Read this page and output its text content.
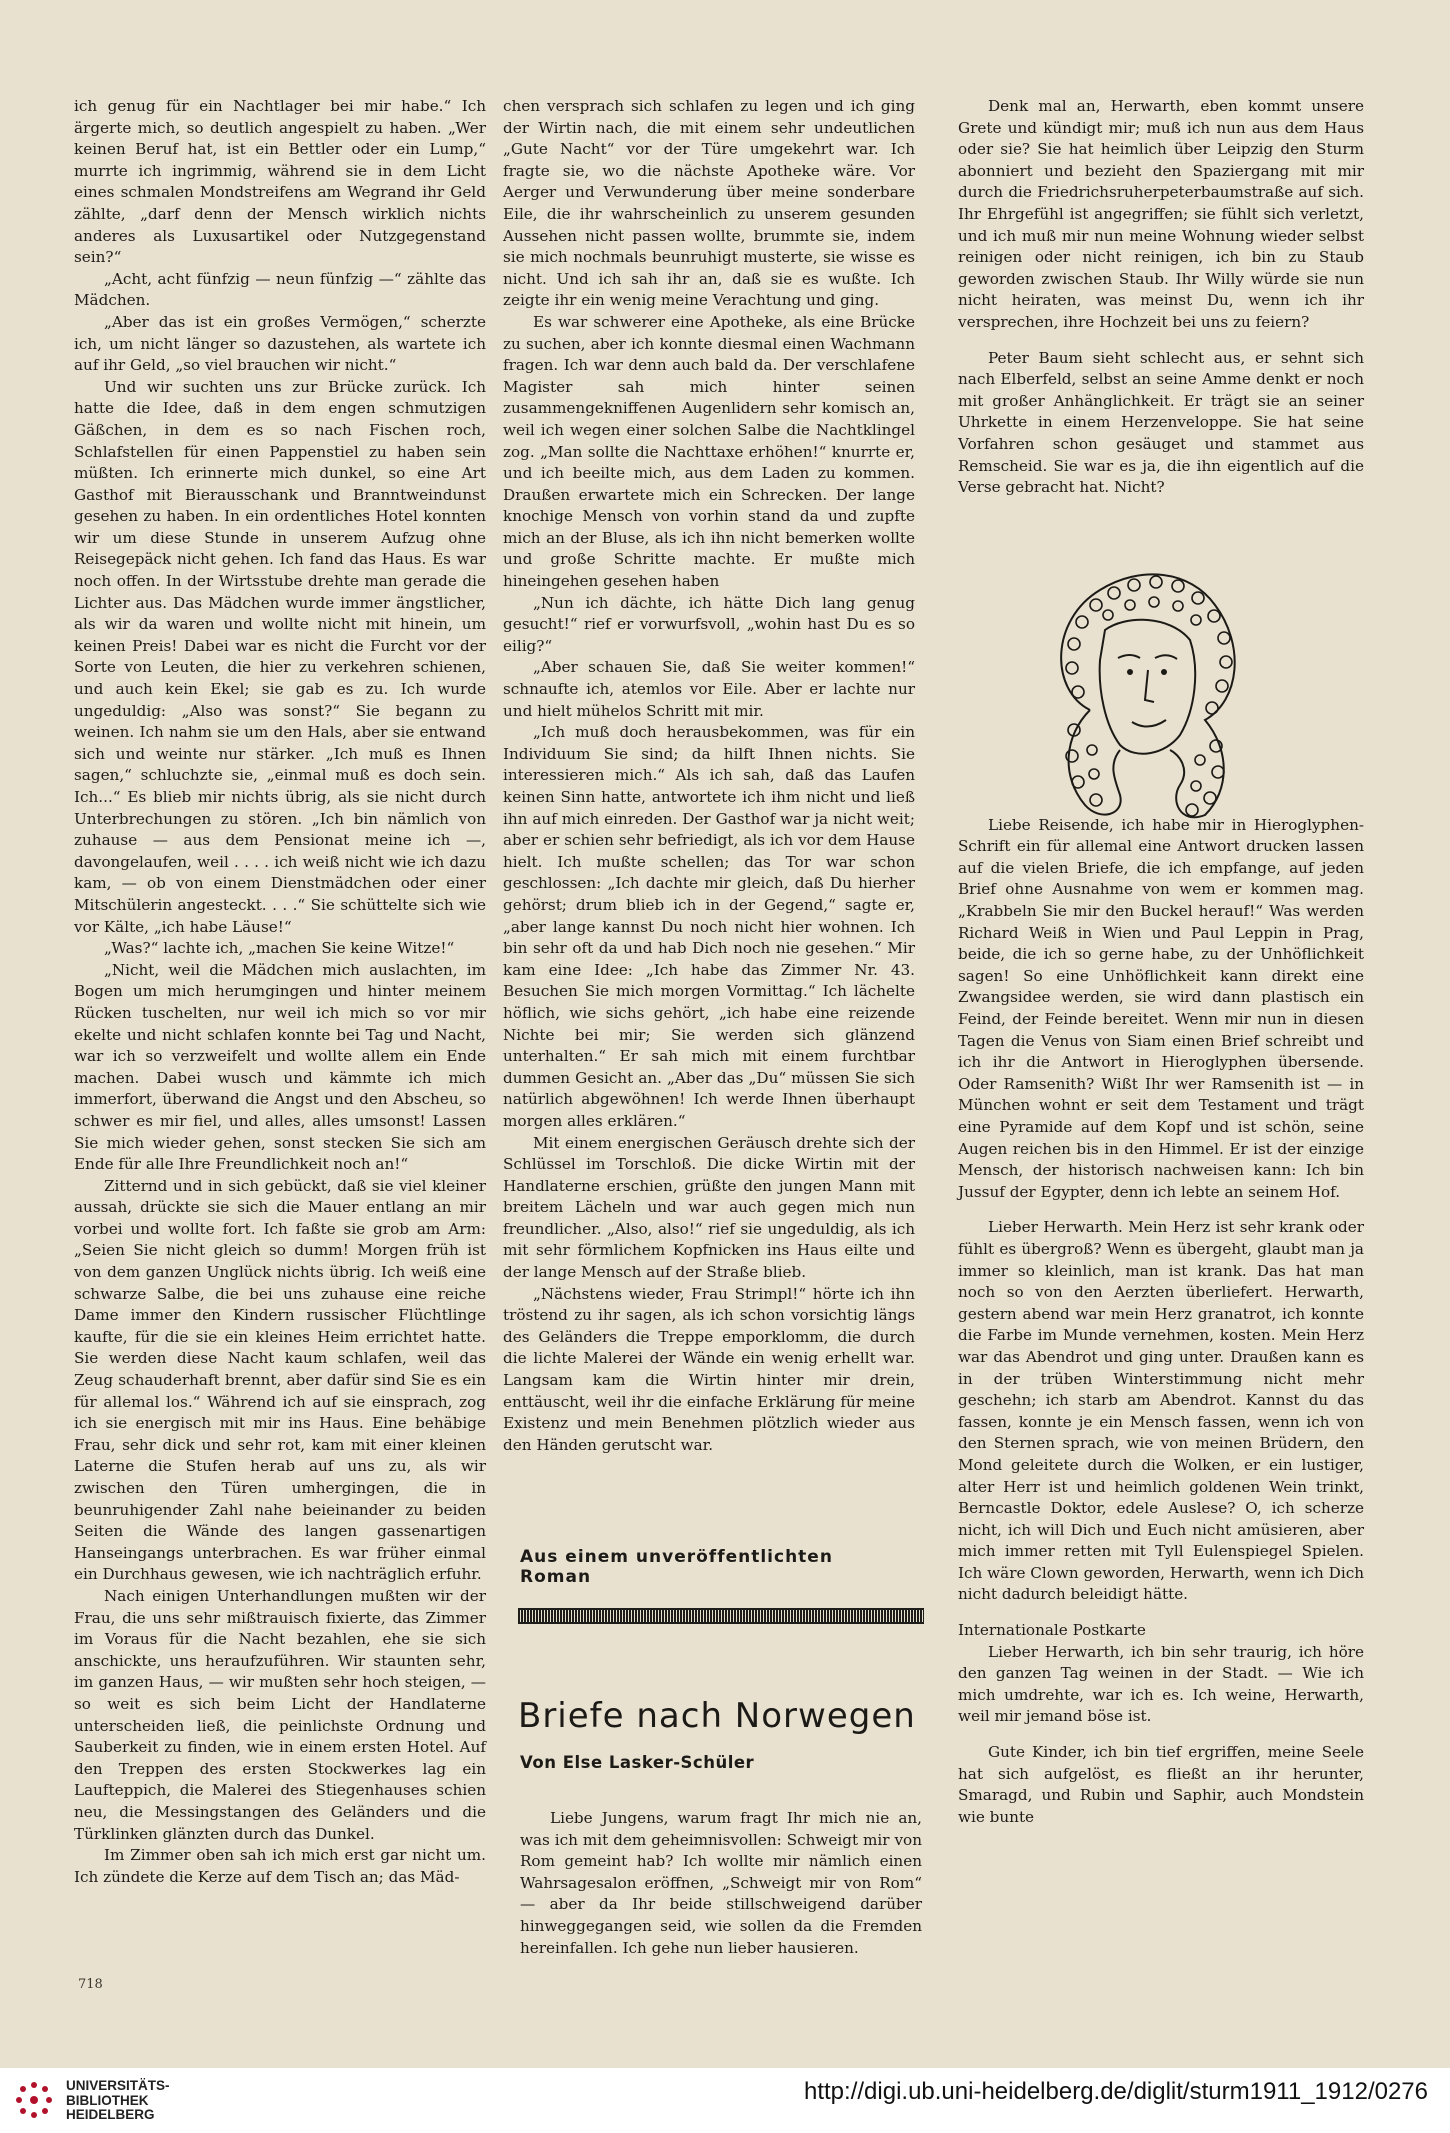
ich genug für ein Nachtlager bei mir habe.“ Ich ärgerte mich, so deutlich angespielt zu haben. „Wer keinen Beruf hat, ist ein Bettler oder ein Lump,“ murrte ich ingrimmig, während sie in dem Licht eines schmalen Mondstreifens am Wegrand ihr Geld zählte, „darf denn der Mensch wirklich nichts anderes als Luxusartikel oder Nutzgegenstand sein?“

„Acht, acht fünfzig — neun fünfzig —“ zählte das Mädchen.

„Aber das ist ein großes Vermögen,“ scherzte ich, um nicht länger so dazustehen, als wartete ich auf ihr Geld, „so viel brauchen wir nicht.“

Und wir suchten uns zur Brücke zurück. Ich hatte die Idee, daß in dem engen schmutzigen Gäßchen, in dem es so nach Fischen roch, Schlafstellen für einen Pappenstiel zu haben sein müßten. Ich erinnerte mich dunkel, so eine Art Gasthof mit Bierausschank und Branntweindunst gesehen zu haben. In ein ordentliches Hotel konnten wir um diese Stunde in unserem Aufzug ohne Reisegepäck nicht gehen. Ich fand das Haus. Es war noch offen. In der Wirtsstube drehte man gerade die Lichter aus. Das Mädchen wurde immer ängstlicher, als wir da waren und wollte nicht mit hinein, um keinen Preis! Dabei war es nicht die Furcht vor der Sorte von Leuten, die hier zu verkehren schienen, und auch kein Ekel; sie gab es zu. Ich wurde ungeduldig: „Also was sonst?“ Sie begann zu weinen. Ich nahm sie um den Hals, aber sie entwand sich und weinte nur stärker. „Ich muß es Ihnen sagen,“ schluchzte sie, „einmal muß es doch sein. Ich...“ Es blieb mir nichts übrig, als sie nicht durch Unterbrechungen zu stören. „Ich bin nämlich von zuhause — aus dem Pensionat meine ich —, davongelaufen, weil . . . . ich weiß nicht wie ich dazu kam, — ob von einem Dienstmädchen oder einer Mitschülerin angesteckt. . . .“ Sie schüttelte sich wie vor Kälte, „ich habe Läuse!“

„Was?“ lachte ich, „machen Sie keine Witze!“

„Nicht, weil die Mädchen mich auslachten, im Bogen um mich herumgingen und hinter meinem Rücken tuschelten, nur weil ich mich so vor mir ekelte und nicht schlafen konnte bei Tag und Nacht, war ich so verzweifelt und wollte allem ein Ende machen. Dabei wusch und kämmte ich mich immerfort, überwand die Angst und den Abscheu, so schwer es mir fiel, und alles, alles umsonst! Lassen Sie mich wieder gehen, sonst stecken Sie sich am Ende für alle Ihre Freundlichkeit noch an!“

Zitternd und in sich gebückt, daß sie viel kleiner aussah, drückte sie sich die Mauer entlang an mir vorbei und wollte fort. Ich faßte sie grob am Arm: „Seien Sie nicht gleich so dumm! Morgen früh ist von dem ganzen Unglück nichts übrig. Ich weiß eine schwarze Salbe, die bei uns zuhause eine reiche Dame immer den Kindern russischer Flüchtlinge kaufte, für die sie ein kleines Heim errichtet hatte. Sie werden diese Nacht kaum schlafen, weil das Zeug schauderhaft brennt, aber dafür sind Sie es ein für allemal los.“ Während ich auf sie einsprach, zog ich sie energisch mit mir ins Haus. Eine behäbige Frau, sehr dick und sehr rot, kam mit einer kleinen Laterne die Stufen herab auf uns zu, als wir zwischen den Türen umhergingen, die in beunruhigender Zahl nahe beieinander zu beiden Seiten die Wände des langen gassenartigen Hanseingangs unterbrachen. Es war früher einmal ein Durchhaus gewesen, wie ich nachträglich erfuhr.

Nach einigen Unterhandlungen mußten wir der Frau, die uns sehr mißtrauisch fixierte, das Zimmer im Voraus für die Nacht bezahlen, ehe sie sich anschickte, uns heraufzuführen. Wir staunten sehr, im ganzen Haus, — wir mußten sehr hoch steigen, — so weit es sich beim Licht der Handlaterne unterscheiden ließ, die peinlichste Ordnung und Sauberkeit zu finden, wie in einem ersten Hotel. Auf den Treppen des ersten Stockwerkes lag ein Laufteppich, die Malerei des Stiegenhauses schien neu, die Messingstangen des Geländers und die Türklinken glänzten durch das Dunkel.

Im Zimmer oben sah ich mich erst gar nicht um. Ich zündete die Kerze auf dem Tisch an; das Mäd-

718

chen versprach sich schlafen zu legen und ich ging der Wirtin nach, die mit einem sehr undeutlichen „Gute Nacht“ vor der Türe umgekehrt war. Ich fragte sie, wo die nächste Apotheke wäre. Vor Aerger und Verwunderung über meine sonderbare Eile, die ihr wahrscheinlich zu unserem gesunden Aussehen nicht passen wollte, brummte sie, indem sie mich nochmals beunruhigt musterte, sie wisse es nicht. Und ich sah ihr an, daß sie es wußte. Ich zeigte ihr ein wenig meine Verachtung und ging.

Es war schwerer eine Apotheke, als eine Brücke zu suchen, aber ich konnte diesmal einen Wachmann fragen. Ich war denn auch bald da. Der verschlafene Magister sah mich hinter seinen zusammengekniffenen Augenlidern sehr komisch an, weil ich wegen einer solchen Salbe die Nachtklingel zog. „Man sollte die Nachttaxe erhöhen!“ knurrte er, und ich beeilte mich, aus dem Laden zu kommen. Draußen erwartete mich ein Schrecken. Der lange knochige Mensch von vorhin stand da und zupfte mich an der Bluse, als ich ihn nicht bemerken wollte und große Schritte machte. Er mußte mich hineingehen gesehen haben

„Nun ich dächte, ich hätte Dich lang genug gesucht!“ rief er vorwurfsvoll, „wohin hast Du es so eilig?“

„Aber schauen Sie, daß Sie weiter kommen!“ schnaufte ich, atemlos vor Eile. Aber er lachte nur und hielt mühelos Schritt mit mir.

„Ich muß doch herausbekommen, was für ein Individuum Sie sind; da hilft Ihnen nichts. Sie interessieren mich.“ Als ich sah, daß das Laufen keinen Sinn hatte, antwortete ich ihm nicht und ließ ihn auf mich einreden. Der Gasthof war ja nicht weit; aber er schien sehr befriedigt, als ich vor dem Hause hielt. Ich mußte schellen; das Tor war schon geschlossen: „Ich dachte mir gleich, daß Du hierher gehörst; drum blieb ich in der Gegend,“ sagte er, „aber lange kannst Du noch nicht hier wohnen. Ich bin sehr oft da und hab Dich noch nie gesehen.“ Mir kam eine Idee: „Ich habe das Zimmer Nr. 43. Besuchen Sie mich morgen Vormittag.“ Ich lächelte höflich, wie sichs gehört, „ich habe eine reizende Nichte bei mir; Sie werden sich glänzend unterhalten.“ Er sah mich mit einem furchtbar dummen Gesicht an. „Aber das „Du“ müssen Sie sich natürlich abgewöhnen! Ich werde Ihnen überhaupt morgen alles erklären.“

Mit einem energischen Geräusch drehte sich der Schlüssel im Torschloß. Die dicke Wirtin mit der Handlaterne erschien, grüßte den jungen Mann mit breitem Lächeln und war auch gegen mich nun freundlicher. „Also, also!“ rief sie ungeduldig, als ich mit sehr förmlichem Kopfnicken ins Haus eilte und der lange Mensch auf der Straße blieb.

„Nächstens wieder, Frau Strimpl!“ hörte ich ihn tröstend zu ihr sagen, als ich schon vorsichtig längs des Geländers die Treppe emporklomm, die durch die lichte Malerei der Wände ein wenig erhellt war. Langsam kam die Wirtin hinter mir drein, enttäuscht, weil ihr die einfache Erklärung für meine Existenz und mein Benehmen plötzlich wieder aus den Händen gerutscht war.

Aus einem unveröffentlichten Roman
Briefe nach Norwegen
Von Else Lasker-Schüler

Liebe Jungens, warum fragt Ihr mich nie an, was ich mit dem geheimnisvollen: Schweigt mir von Rom gemeint hab? Ich wollte mir nämlich einen Wahrsagesalon eröffnen, „Schweigt mir von Rom“ — aber da Ihr beide stillschweigend darüber hinweggegangen seid, wie sollen da die Fremden hereinfallen. Ich gehe nun lieber hausieren.

Denk mal an, Herwarth, eben kommt unsere Grete und kündigt mir; muß ich nun aus dem Haus oder sie? Sie hat heimlich über Leipzig den Sturm abonniert und bezieht den Spaziergang mit mir durch die Friedrichsruherpeterbaumstraße auf sich. Ihr Ehrgefühl ist angegriffen; sie fühlt sich verletzt, und ich muß mir nun meine Wohnung wieder selbst reinigen oder nicht reinigen, ich bin zu Staub geworden zwischen Staub. Ihr Willy würde sie nun nicht heiraten, was meinst Du, wenn ich ihr versprechen, ihre Hochzeit bei uns zu feiern?

Peter Baum sieht schlecht aus, er sehnt sich nach Elberfeld, selbst an seine Amme denkt er noch mit großer Anhänglichkeit. Er trägt sie an seiner Uhrkette in einem Herzenveloppe. Sie hat seine Vorfahren schon gesäuget und stammet aus Remscheid. Sie war es ja, die ihn eigentlich auf die Verse gebracht hat. Nicht?

Liebe Reisende, ich habe mir in Hieroglyphen-Schrift ein für allemal eine Antwort drucken lassen auf die vielen Briefe, die ich empfange, auf jeden Brief ohne Ausnahme von wem er kommen mag. „Krabbeln Sie mir den Buckel herauf!“ Was werden Richard Weiß in Wien und Paul Leppin in Prag, beide, die ich so gerne habe, zu der Unhöflichkeit sagen! So eine Unhöflichkeit kann direkt eine Zwangsidee werden, sie wird dann plastisch ein Feind, der Feinde bereitet. Wenn mir nun in diesen Tagen die Venus von Siam einen Brief schreibt und ich ihr die Antwort in Hieroglyphen übersende. Oder Ramsenith? Wißt Ihr wer Ramsenith ist — in München wohnt er seit dem Testament und trägt eine Pyramide auf dem Kopf und ist schön, seine Augen reichen bis in den Himmel. Er ist der einzige Mensch, der historisch nachweisen kann: Ich bin Jussuf der Egypter, denn ich lebte an seinem Hof.

Lieber Herwarth. Mein Herz ist sehr krank oder fühlt es übergroß? Wenn es übergeht, glaubt man ja immer so kleinlich, man ist krank. Das hat man noch so von den Aerzten überliefert. Herwarth, gestern abend war mein Herz granatrot, ich konnte die Farbe im Munde vernehmen, kosten. Mein Herz war das Abendrot und ging unter. Draußen kann es in der trüben Winterstimmung nicht mehr geschehn; ich starb am Abendrot. Kannst du das fassen, konnte je ein Mensch fassen, wenn ich von den Sternen sprach, wie von meinen Brüdern, den Mond geleitete durch die Wolken, er ein lustiger, alter Herr ist und heimlich goldenen Wein trinkt, Berncastle Doktor, edele Auslese? O, ich scherze nicht, ich will Dich und Euch nicht amüsieren, aber mich immer retten mit Tyll Eulenspiegel Spielen. Ich wäre Clown geworden, Herwarth, wenn ich Dich nicht dadurch beleidigt hätte.

Internationale Postkarte

Lieber Herwarth, ich bin sehr traurig, ich höre den ganzen Tag weinen in der Stadt. — Wie ich mich umdrehte, war ich es. Ich weine, Herwarth, weil mir jemand böse ist.

Gute Kinder, ich bin tief ergriffen, meine Seele hat sich aufgelöst, es fließt an ihr herunter, Smaragd, und Rubin und Saphir, auch Mondstein wie bunte

UNIVERSITÄTS-
BIBLIOTHEK
HEIDELBERG
http://digi.ub.uni-heidelberg.de/diglit/sturm1911_1912/0276
